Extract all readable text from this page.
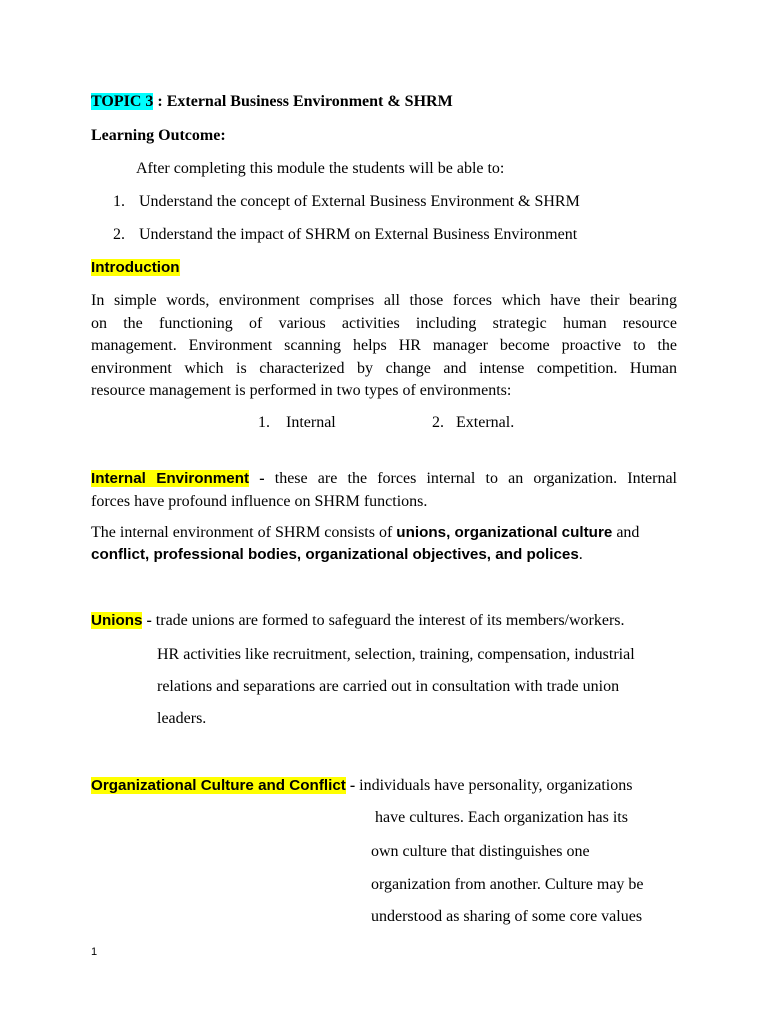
TOPIC 3 : External Business Environment & SHRM
Learning Outcome:
After completing this module the students will be able to:
1. Understand the concept of External Business Environment & SHRM
2. Understand the impact of SHRM on External Business Environment
Introduction
In simple words, environment comprises all those forces which have their bearing
on the functioning of various activities including strategic human resource
management. Environment scanning helps HR manager become proactive to the
environment which is characterized by change and intense competition. Human
resource management is performed in two types of environments:
1. Internal	2. External.
Internal Environment - these are the forces internal to an organization. Internal
forces have profound influence on SHRM functions.
The internal environment of SHRM consists of unions, organizational culture and
conflict, professional bodies, organizational objectives, and polices.
Unions - trade unions are formed to safeguard the interest of its members/workers.
HR activities like recruitment, selection, training, compensation, industrial
relations and separations are carried out in consultation with trade union
leaders.
Organizational Culture and Conflict - individuals have personality, organizations
have cultures. Each organization has its
own culture that distinguishes one
organization from another. Culture may be
understood as sharing of some core values
1
